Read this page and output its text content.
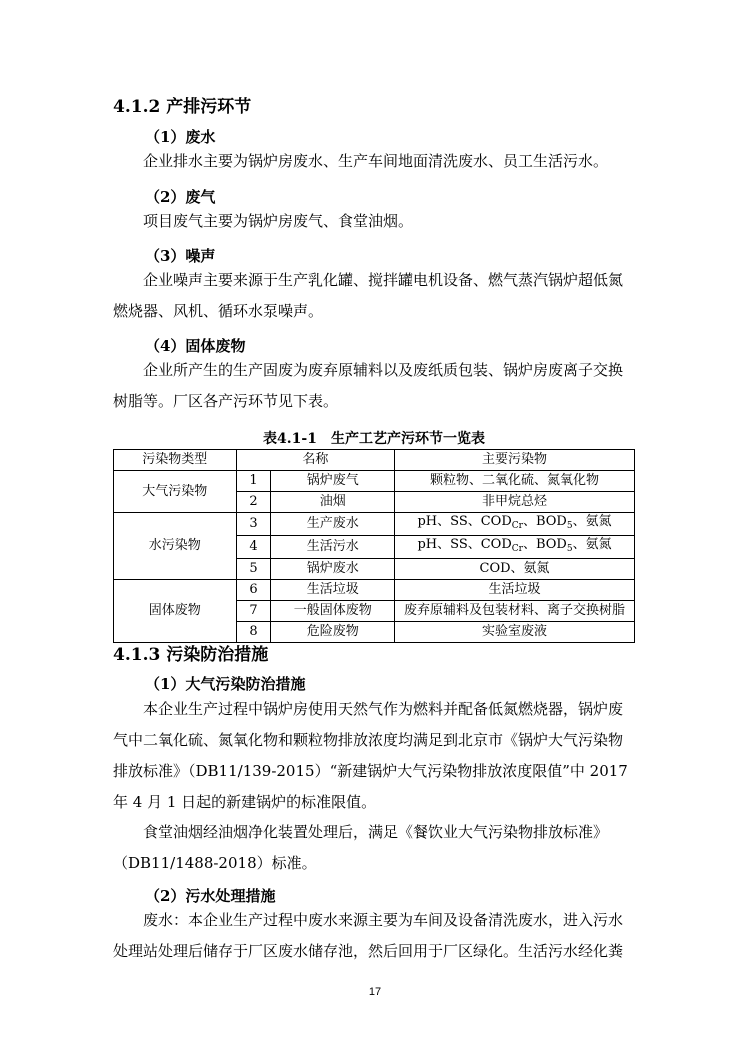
4.1.2 产排污环节
（1）废水
企业排水主要为锅炉房废水、生产车间地面清洗废水、员工生活污水。
（2）废气
项目废气主要为锅炉房废气、食堂油烟。
（3）噪声
企业噪声主要来源于生产乳化罐、搅拌罐电机设备、燃气蒸汽锅炉超低氮
燃烧器、风机、循环水泵噪声。
（4）固体废物
企业所产生的生产固废为废弃原辅料以及废纸质包装、锅炉房废离子交换
树脂等。厂区各产污环节见下表。
表4.1-1　生产工艺产污环节一览表
污染物类型	名称		主要污染物
大气污染物	1	锅炉废气	颗粒物、二氧化硫、氮氧化物
	2	油烟	非甲烷总烃
水污染物	3	生产废水	pH、SS、$COD_{Cr}$、$BOD_5$、氨氮
	4	生活污水	pH、SS、$COD_{Cr}$、$BOD_5$、氨氮
	5	锅炉废水	COD、氨氮
固体废物	6	生活垃圾	生活垃圾
	7	一般固体废物	废弃原辅料及包装材料、离子交换树脂
	8	危险废物	实验室废液
4.1.3 污染防治措施
（1）大气污染防治措施
本企业生产过程中锅炉房使用天然气作为燃料并配备低氮燃烧器，锅炉废
气中二氧化硫、氮氧化物和颗粒物排放浓度均满足到北京市《锅炉大气污染物
排放标准》（DB11/139-2015）“新建锅炉大气污染物排放浓度限值”中 2017
年 4 月 1 日起的新建锅炉的标准限值。
食堂油烟经油烟净化装置处理后，满足《餐饮业大气污染物排放标准》
（DB11/1488-2018）标准。
（2）污水处理措施
废水：本企业生产过程中废水来源主要为车间及设备清洗废水，进入污水
处理站处理后储存于厂区废水储存池，然后回用于厂区绿化。生活污水经化粪
17
